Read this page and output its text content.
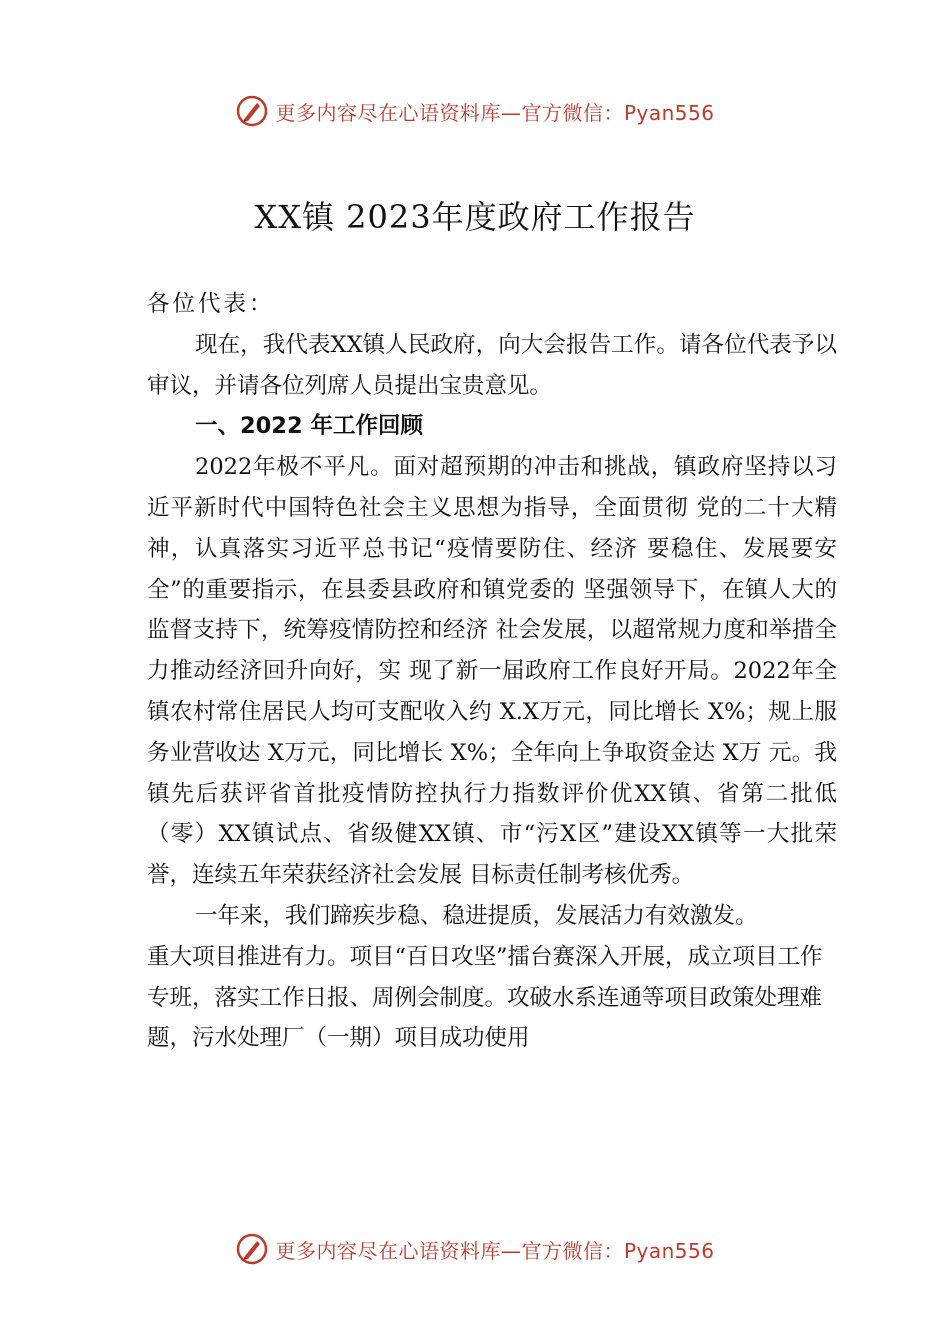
更多内容尽在心语资料库—官方微信：Pyan556
XX镇 2023年度政府工作报告

各位代表：

现在，我代表XX镇人民政府，向大会报告工作。请各位代表予以审议，并请各位列席人员提出宝贵意见。

一、2022 年工作回顾

2022年极不平凡。面对超预期的冲击和挑战，镇政府坚持以习近平新时代中国特色社会主义思想为指导，全面贯彻 党的二十大精神，认真落实习近平总书记“疫情要防住、经济 要稳住、发展要安全”的重要指示，在县委县政府和镇党委的 坚强领导下，在镇人大的监督支持下，统筹疫情防控和经济 社会发展，以超常规力度和举措全力推动经济回升向好，实 现了新一届政府工作良好开局。2022年全镇农村常住居民人均可支配收入约 X.X万元，同比增长 X%；规上服务业营收达 X万元，同比增长 X%；全年向上争取资金达 X万 元。我镇先后获评省首批疫情防控执行力指数评价优XX镇、省第二批低（零）XX镇试点、省级健XX镇、市“污X区”建设XX镇等一大批荣誉，连续五年荣获经济社会发展 目标责任制考核优秀。

一年来，我们蹄疾步稳、稳进提质，发展活力有效激发。

重大项目推进有力。项目“百日攻坚”擂台赛深入开展，成立项目工作专班，落实工作日报、周例会制度。攻破水系连通等项目政策处理难题，污水处理厂（一期）项目成功使用

更多内容尽在心语资料库—官方微信：Pyan556
